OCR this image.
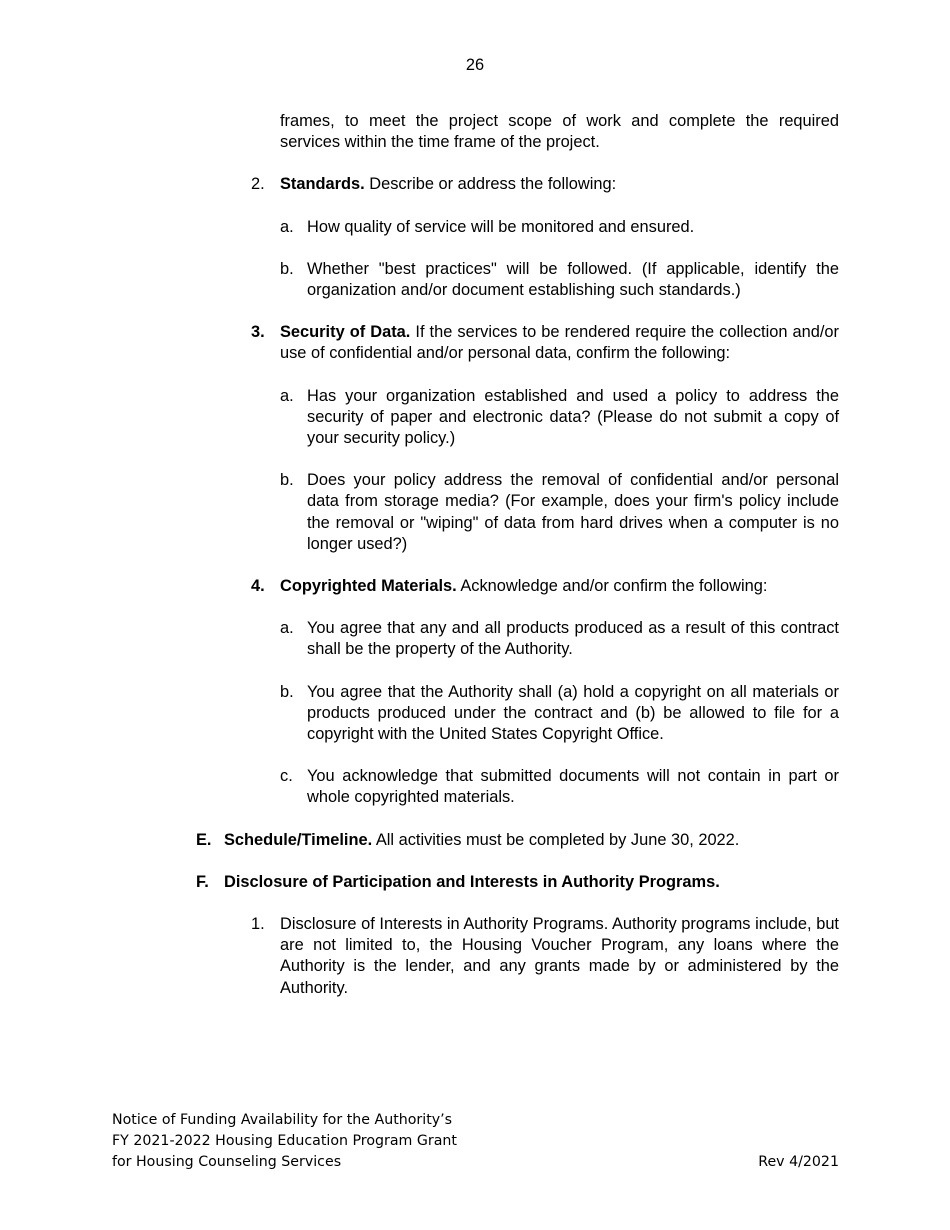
26

frames, to meet the project scope of work and complete the required services within the time frame of the project.

2. Standards. Describe or address the following:
a. How quality of service will be monitored and ensured.
b. Whether "best practices" will be followed. (If applicable, identify the organization and/or document establishing such standards.)
3. Security of Data. If the services to be rendered require the collection and/or use of confidential and/or personal data, confirm the following:
a. Has your organization established and used a policy to address the security of paper and electronic data? (Please do not submit a copy of your security policy.)
b. Does your policy address the removal of confidential and/or personal data from storage media? (For example, does your firm's policy include the removal or "wiping" of data from hard drives when a computer is no longer used?)
4. Copyrighted Materials. Acknowledge and/or confirm the following:
a. You agree that any and all products produced as a result of this contract shall be the property of the Authority.
b. You agree that the Authority shall (a) hold a copyright on all materials or products produced under the contract and (b) be allowed to file for a copyright with the United States Copyright Office.
c. You acknowledge that submitted documents will not contain in part or whole copyrighted materials.
E. Schedule/Timeline. All activities must be completed by June 30, 2022.
F. Disclosure of Participation and Interests in Authority Programs.
1. Disclosure of Interests in Authority Programs. Authority programs include, but are not limited to, the Housing Voucher Program, any loans where the Authority is the lender, and any grants made by or administered by the Authority.
Notice of Funding Availability for the Authority’s
FY 2021-2022 Housing Education Program Grant
for Housing Counseling Services	Rev 4/2021
